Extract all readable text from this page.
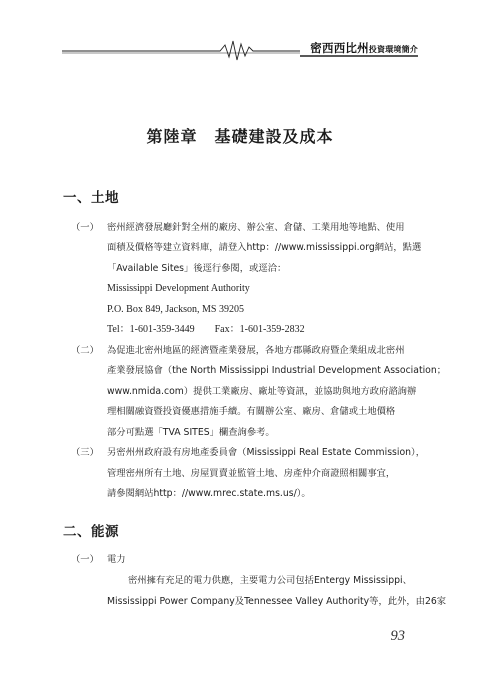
密西西比州投資環境簡介
第陸章　基礎建設及成本
一、土地
（一） 密州經濟發展廳針對全州的廠房、辦公室、倉儲、工業用地等地點、使用
面積及價格等建立資料庫，請登入http：//www.mississippi.org網站，點選
「Available Sites」後逕行參閱，或逕洽：
Mississippi Development Authority
P.O. Box 849, Jackson, MS 39205
Tel：1-601-359-3449　　Fax：1-601-359-2832
（二） 為促進北密州地區的經濟暨產業發展，各地方郡縣政府暨企業組成北密州
產業發展協會（the North Mississippi Industrial Development Association；
www.nmida.com）提供工業廠房、廠址等資訊，並協助與地方政府諮詢辦
理相關融資暨投資優惠措施手續。有關辦公室、廠房、倉儲或土地價格
部分可點選「TVA SITES」欄查詢參考。
（三） 另密州州政府設有房地產委員會（Mississippi Real Estate Commission），
管理密州所有土地、房屋買賣並監管土地、房產仲介商證照相關事宜，
請參閱網站http：//www.mrec.state.ms.us/）。
二、能源
（一） 電力
密州擁有充足的電力供應，主要電力公司包括Entergy Mississippi、
Mississippi Power Company及Tennessee Valley Authority等，此外，由26家
93
